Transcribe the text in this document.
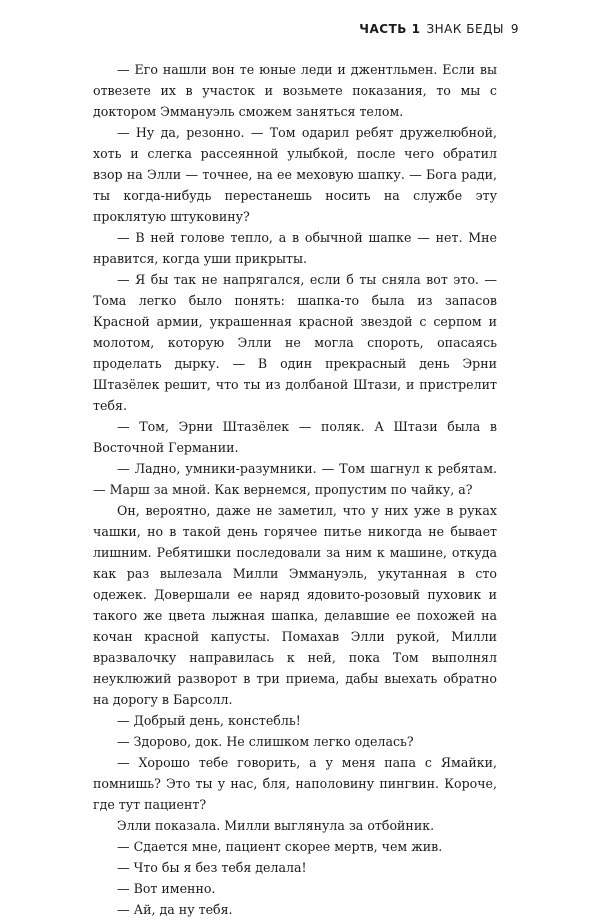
ЧАСТЬ 1 ЗНАК БЕДЫ 9

— Его нашли вон те юные леди и джентльмен. Если вы отвезете их в участок и возьмете показания, то мы с доктором Эммануэль сможем заняться телом.

— Ну да, резонно. — Том одарил ребят дружелюбной, хоть и слегка рассеянной улыбкой, после чего обратил взор на Элли — точнее, на ее меховую шапку. — Бога ради, ты когда-нибудь перестанешь носить на службе эту проклятую штуковину?

— В ней голове тепло, а в обычной шапке — нет. Мне нравится, когда уши прикрыты.

— Я бы так не напрягался, если б ты сняла вот это. — Тома легко было понять: шапка-то была из запасов Красной армии, украшенная красной звездой с серпом и молотом, которую Элли не могла спороть, опасаясь проделать дырку. — В один прекрасный день Эрни Штазёлек решит, что ты из долбаной Штази, и пристрелит тебя.

— Том, Эрни Штазёлек — поляк. А Штази была в Восточной Германии.

— Ладно, умники-разумники. — Том шагнул к ребятам. — Марш за мной. Как вернемся, пропустим по чайку, а?

Он, вероятно, даже не заметил, что у них уже в руках чашки, но в такой день горячее питье никогда не бывает лишним. Ребятишки последовали за ним к машине, откуда как раз вылезала Милли Эммануэль, укутанная в сто одежек. Довершали ее наряд ядовито-розовый пуховик и такого же цвета лыжная шапка, делавшие ее похожей на кочан красной капусты. Помахав Элли рукой, Милли вразвалочку направилась к ней, пока Том выполнял неуклюжий разворот в три приема, дабы выехать обратно на дорогу в Барсолл.

— Добрый день, констебль!

— Здорово, док. Не слишком легко оделась?

— Хорошо тебе говорить, а у меня папа с Ямайки, помнишь? Это ты у нас, бля, наполовину пингвин. Короче, где тут пациент?

Элли показала. Милли выглянула за отбойник.

— Сдается мне, пациент скорее мертв, чем жив.

— Что бы я без тебя делала!

— Вот именно.

— Ай, да ну тебя.
